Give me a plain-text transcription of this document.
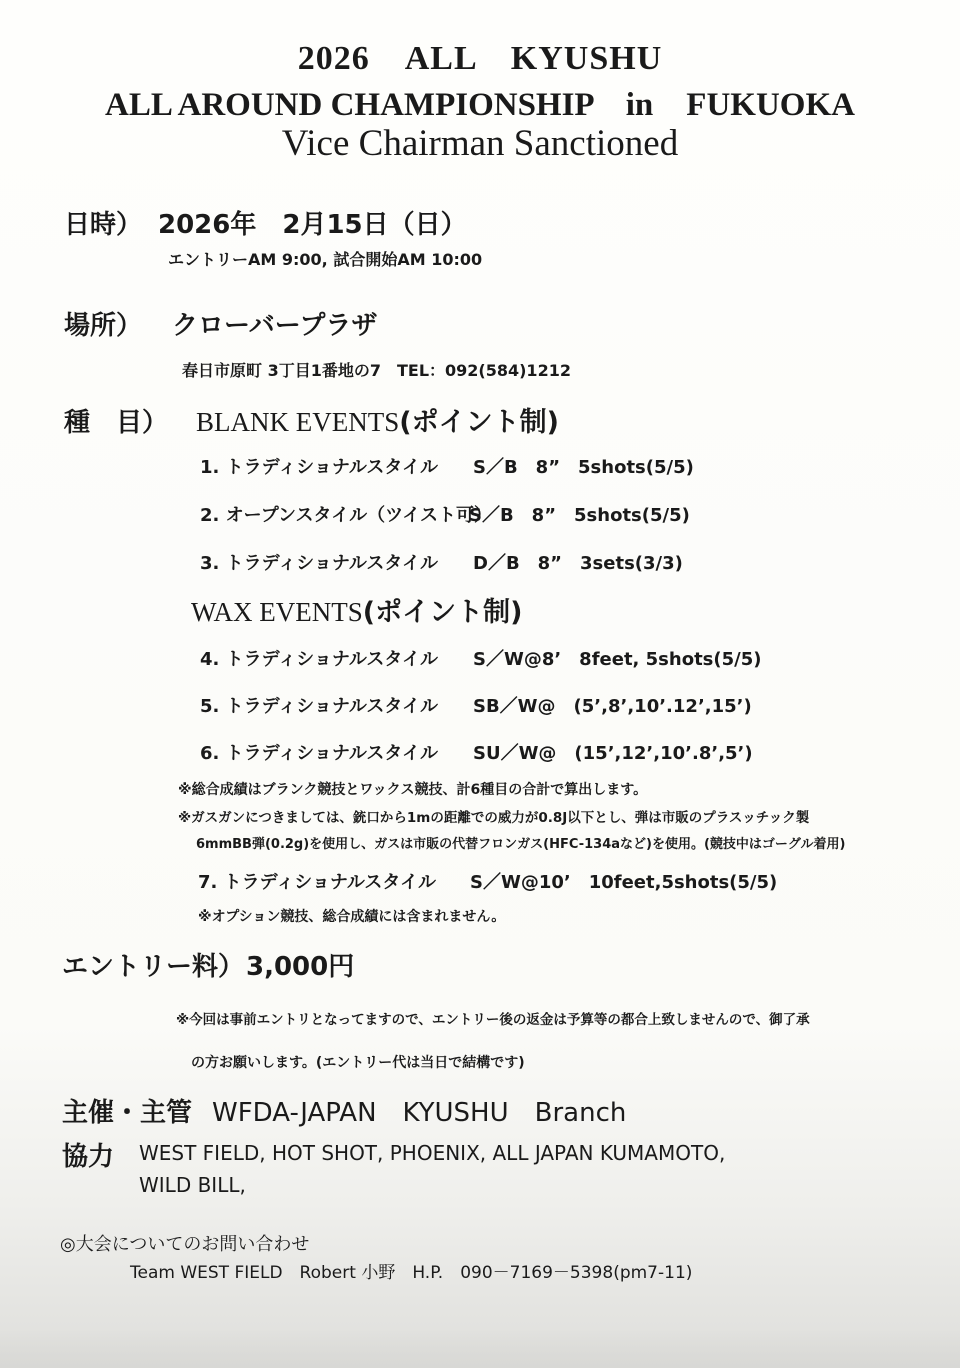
2026　ALL　KYUSHU
ALL AROUND CHAMPIONSHIP　in　FUKUOKA
Vice Chairman Sanctioned
日時） 2026年　2月15日（日）
エントリーAM 9:00, 試合開始AM 10:00
場所） クローバープラザ
春日市原町 3丁目1番地の7　TEL：092(584)1212
種　目） BLANK EVENTS(ポイント制)
1. トラディショナルスタイル S／B　8”　5shots(5/5)
2. オープンスタイル（ツイスト可）
S／B　8”　5shots(5/5)
3. トラディショナルスタイル D／B　8”　3sets(3/3)
WAX EVENTS(ポイント制)
4. トラディショナルスタイル S／W@8’　8feet, 5shots(5/5)
5. トラディショナルスタイル SB／W@　(5’,8’,10’.12’,15’)
6. トラディショナルスタイル SU／W@　(15’,12’,10’.8’,5’)
※総合成績はブランク競技とワックス競技、計6種目の合計で算出します。
※ガスガンにつきましては、銃口から1mの距離での威力が0.8J以下とし、弾は市販のプラスッチック製
6mmBB弾(0.2g)を使用し、ガスは市販の代替フロンガス(HFC-134aなど)を使用。(競技中はゴーグル着用)
7. トラディショナルスタイル S／W@10’　10feet,5shots(5/5)
※オプション競技、総合成績には含まれません。
エントリー料） 3,000円
※今回は事前エントリとなってますので、エントリー後の返金は予算等の都合上致しませんので、御了承
の方お願いします。(エントリー代は当日で結構です)
主催・主管 WFDA-JAPAN　KYUSHU　Branch
協力 WEST FIELD, HOT SHOT, PHOENIX, ALL JAPAN KUMAMOTO,
WILD BILL,
◎大会についてのお問い合わせ
Team WEST FIELD　Robert 小野　H.P.　090－7169－5398(pm7-11)
